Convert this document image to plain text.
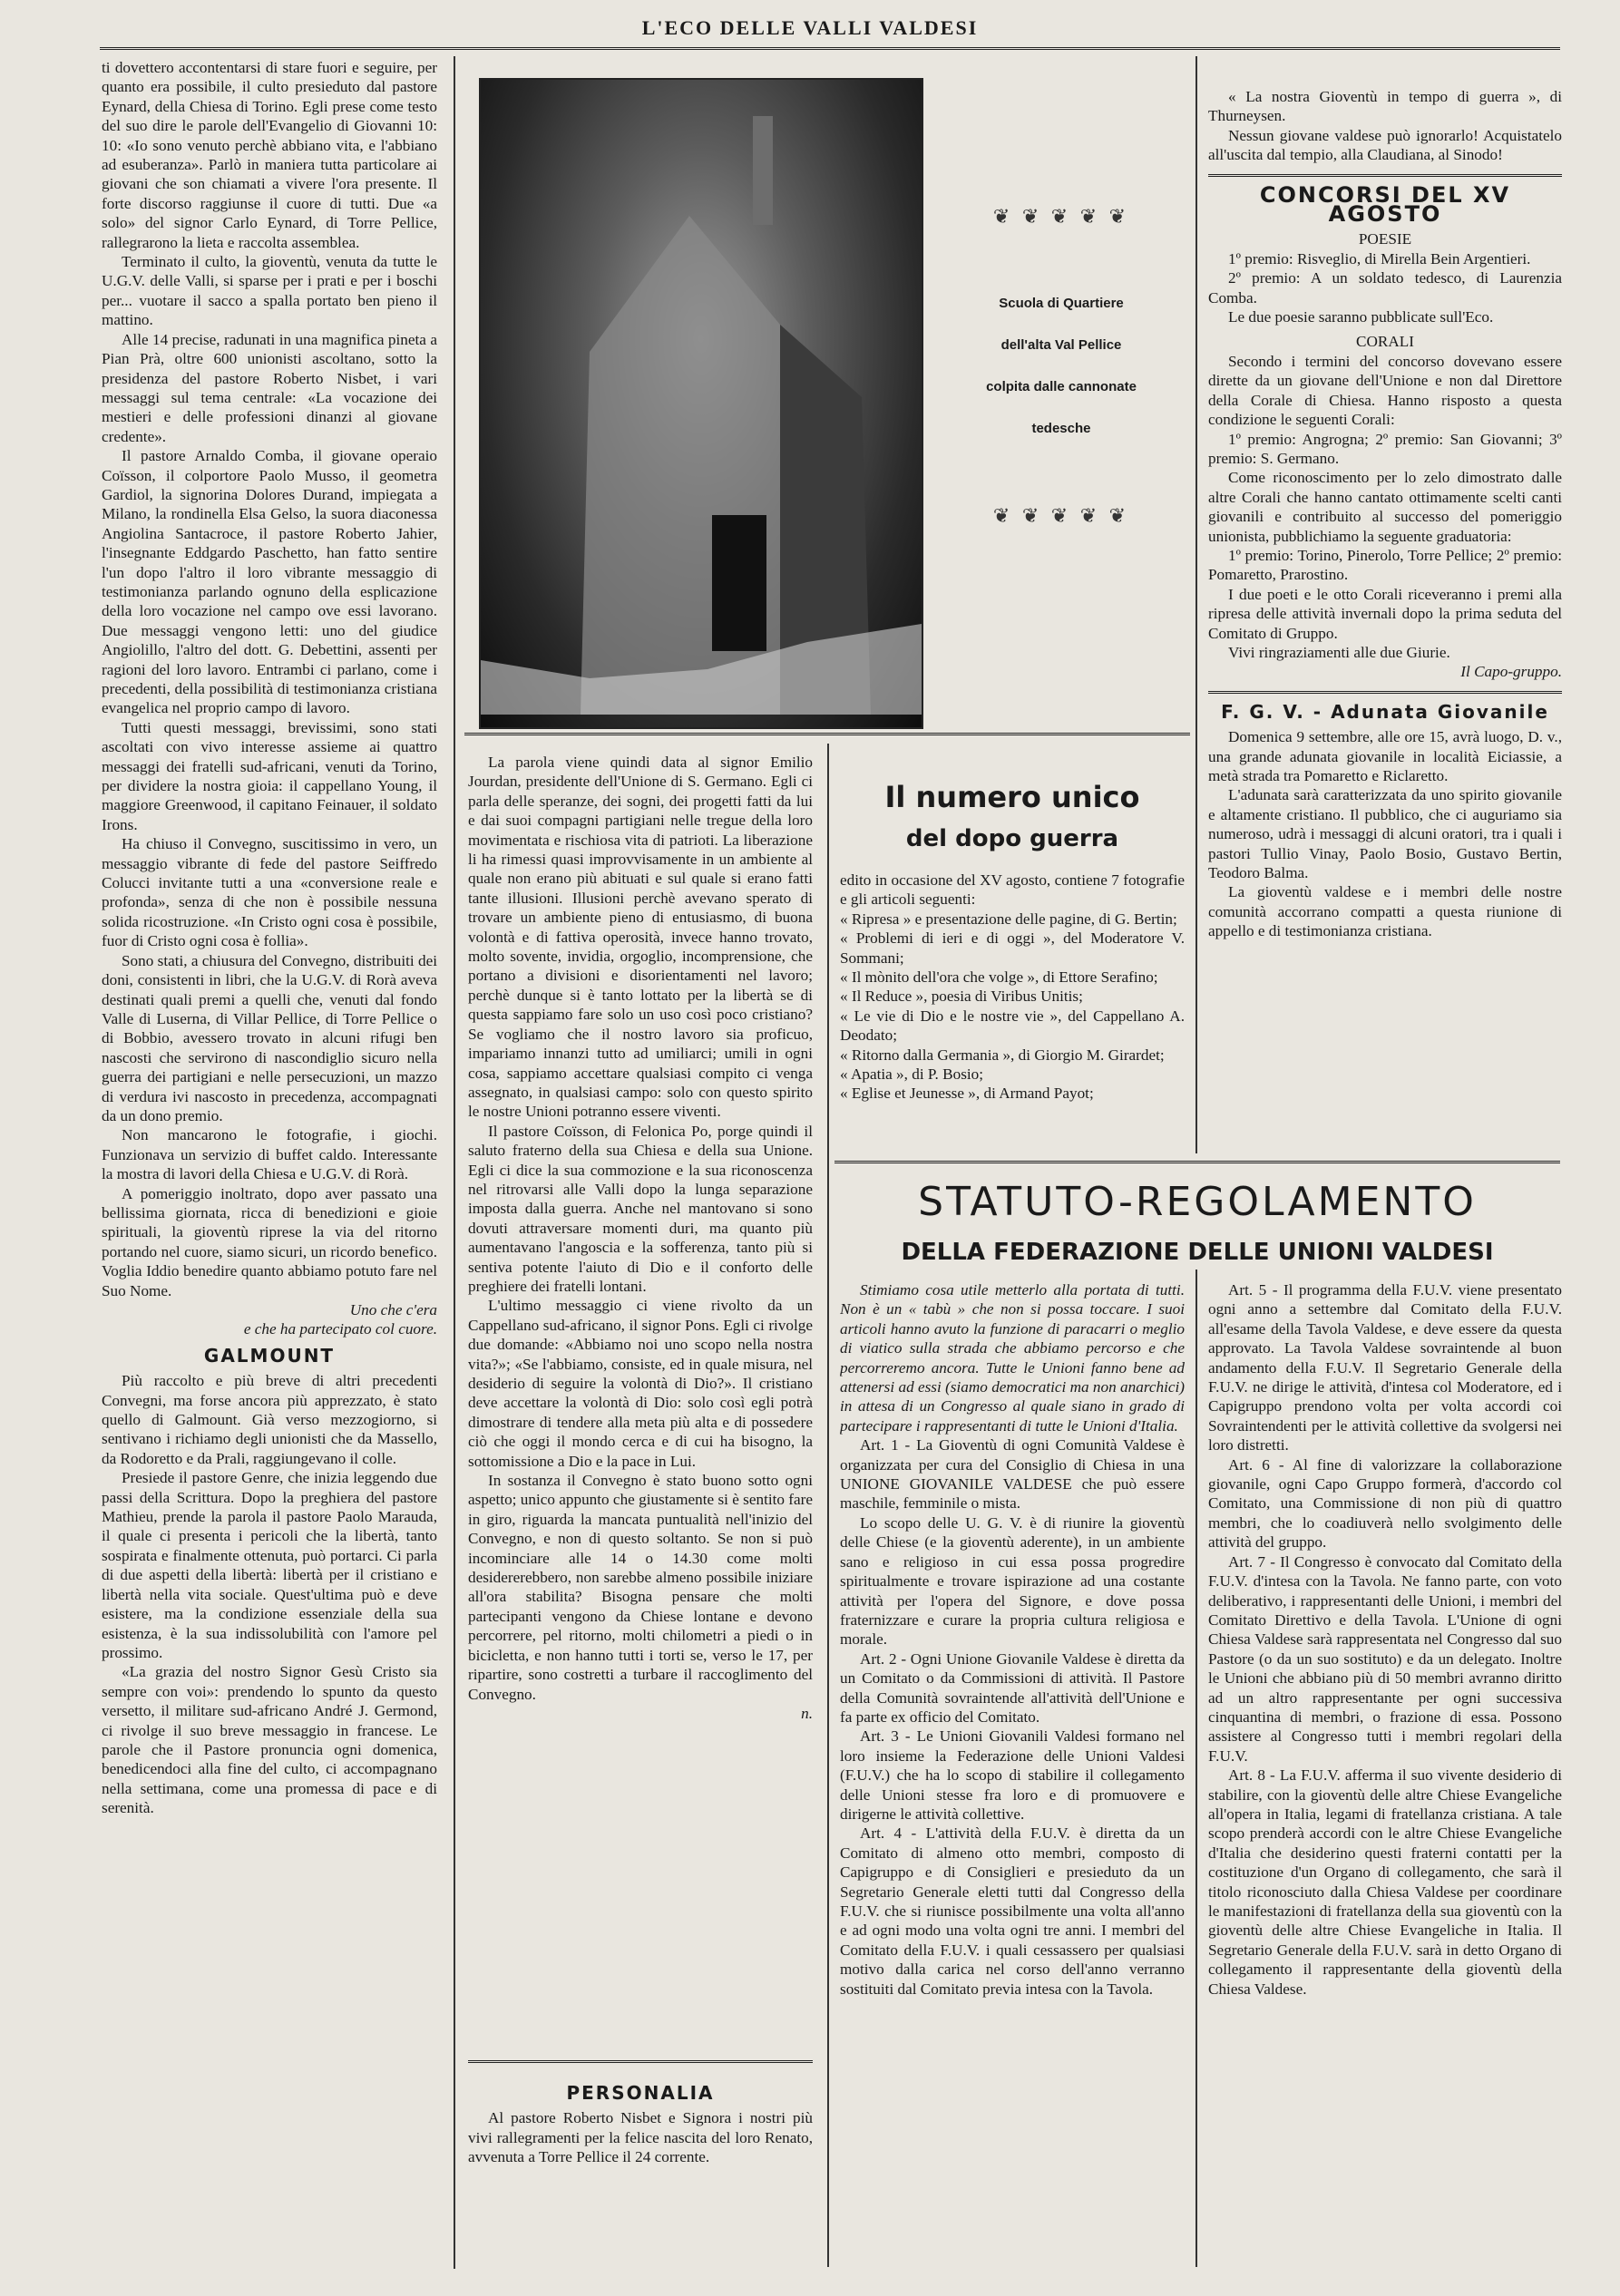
L'ECO DELLE VALLI VALDESI

ti dovettero accontentarsi di stare fuori e seguire, per quanto era possibile, il culto presieduto dal pastore Eynard, della Chiesa di Torino. Egli prese come testo del suo dire le parole dell'Evangelio di Giovanni 10: 10: «Io sono venuto perchè abbiano vita, e l'abbiano ad esuberanza». Parlò in maniera tutta particolare ai giovani che son chiamati a vivere l'ora presente. Il forte discorso raggiunse il cuore di tutti. Due «a solo» del signor Carlo Eynard, di Torre Pellice, rallegrarono la lieta e raccolta assemblea.

Terminato il culto, la gioventù, venuta da tutte le U.G.V. delle Valli, si sparse per i prati e per i boschi per... vuotare il sacco a spalla portato ben pieno il mattino.

Alle 14 precise, radunati in una magnifica pineta a Pian Prà, oltre 600 unionisti ascoltano, sotto la presidenza del pastore Roberto Nisbet, i vari messaggi sul tema centrale: «La vocazione dei mestieri e delle professioni dinanzi al giovane credente».

Il pastore Arnaldo Comba, il giovane operaio Coïsson, il colportore Paolo Musso, il geometra Gardiol, la signorina Dolores Durand, impiegata a Milano, la rondinella Elsa Gelso, la suora diaconessa Angiolina Santacroce, il pastore Roberto Jahier, l'insegnante Eddgardo Paschetto, han fatto sentire l'un dopo l'altro il loro vibrante messaggio di testimonianza parlando ognuno della esplicazione della loro vocazione nel campo ove essi lavorano. Due messaggi vengono letti: uno del giudice Angiolillo, l'altro del dott. G. Debettini, assenti per ragioni del loro lavoro. Entrambi ci parlano, come i precedenti, della possibilità di testimonianza cristiana evangelica nel proprio campo di lavoro.

Tutti questi messaggi, brevissimi, sono stati ascoltati con vivo interesse assieme ai quattro messaggi dei fratelli sud-africani, venuti da Torino, per dividere la nostra gioia: il cappellano Young, il maggiore Greenwood, il capitano Feinauer, il soldato Irons.

Ha chiuso il Convegno, suscitissimo in vero, un messaggio vibrante di fede del pastore Seiffredo Colucci invitante tutti a una «conversione reale e profonda», senza di che non è possibile nessuna solida ricostruzione. «In Cristo ogni cosa è possibile, fuor di Cristo ogni cosa è follia».

Sono stati, a chiusura del Convegno, distribuiti dei doni, consistenti in libri, che la U.G.V. di Rorà aveva destinati quali premi a quelli che, venuti dal fondo Valle di Luserna, di Villar Pellice, di Torre Pellice o di Bobbio, avessero trovato in alcuni rifugi ben nascosti che servirono di nascondiglio sicuro nella guerra dei partigiani e nelle persecuzioni, un mazzo di verdura ivi nascosto in precedenza, accompagnati da un dono premio.

Non mancarono le fotografie, i giochi. Funzionava un servizio di buffet caldo. Interessante la mostra di lavori della Chiesa e U.G.V. di Rorà.

A pomeriggio inoltrato, dopo aver passato una bellissima giornata, ricca di benedizioni e gioie spirituali, la gioventù riprese la via del ritorno portando nel cuore, siamo sicuri, un ricordo benefico. Voglia Iddio benedire quanto abbiamo potuto fare nel Suo Nome.

Uno che c'era
e che ha partecipato col cuore.
GALMOUNT

Più raccolto e più breve di altri precedenti Convegni, ma forse ancora più apprezzato, è stato quello di Galmount. Già verso mezzogiorno, si sentivano i richiamo degli unionisti che da Massello, da Rodoretto e da Prali, raggiungevano il colle.

Presiede il pastore Genre, che inizia leggendo due passi della Scrittura. Dopo la preghiera del pastore Mathieu, prende la parola il pastore Paolo Marauda, il quale ci presenta i pericoli che la libertà, tanto sospirata e finalmente ottenuta, può portarci. Ci parla di due aspetti della libertà: libertà per il cristiano e libertà nella vita sociale. Quest'ultima può e deve esistere, ma la condizione essenziale della sua esistenza, è la sua indissolubilità con l'amore pel prossimo.

«La grazia del nostro Signor Gesù Cristo sia sempre con voi»: prendendo lo spunto da questo versetto, il militare sud-africano André J. Germond, ci rivolge il suo breve messaggio in francese. Le parole che il Pastore pronuncia ogni domenica, benedicendoci alla fine del culto, ci accompagnano nella settimana, come una promessa di pace e di serenità.

❦ ❦ ❦ ❦ ❦
Scuola di Quartiere
dell'alta Val Pellice
colpita dalle cannonate
tedesche
❦ ❦ ❦ ❦ ❦

La parola viene quindi data al signor Emilio Jourdan, presidente dell'Unione di S. Germano. Egli ci parla delle speranze, dei sogni, dei progetti fatti da lui e dai suoi compagni partigiani nelle tregue della loro movimentata e rischiosa vita di patrioti. La liberazione li ha rimessi quasi improvvisamente in un ambiente al quale non erano più abituati e sul quale si erano fatti tante illusioni. Illusioni perchè avevano sperato di trovare un ambiente pieno di entusiasmo, di buona volontà e di fattiva operosità, invece hanno trovato, molto sovente, invidia, orgoglio, incomprensione, che portano a divisioni e disorientamenti nel lavoro; perchè dunque si è tanto lottato per la libertà se di questa sappiamo fare solo un uso così poco cristiano? Se vogliamo che il nostro lavoro sia proficuo, impariamo innanzi tutto ad umiliarci; umili in ogni cosa, sappiamo accettare qualsiasi compito ci venga assegnato, in qualsiasi campo: solo con questo spirito le nostre Unioni potranno essere viventi.

Il pastore Coïsson, di Felonica Po, porge quindi il saluto fraterno della sua Chiesa e della sua Unione. Egli ci dice la sua commozione e la sua riconoscenza nel ritrovarsi alle Valli dopo la lunga separazione imposta dalla guerra. Anche nel mantovano si sono dovuti attraversare momenti duri, ma quanto più aumentavano l'angoscia e la sofferenza, tanto più si sentiva potente l'aiuto di Dio e il conforto delle preghiere dei fratelli lontani.

L'ultimo messaggio ci viene rivolto da un Cappellano sud-africano, il signor Pons. Egli ci rivolge due domande: «Abbiamo noi uno scopo nella nostra vita?»; «Se l'abbiamo, consiste, ed in quale misura, nel desiderio di seguire la volontà di Dio?». Il cristiano deve accettare la volontà di Dio: solo così egli potrà dimostrare di tendere alla meta più alta e di possedere ciò che oggi il mondo cerca e di cui ha bisogno, la sottomissione a Dio e la pace in Lui.

In sostanza il Convegno è stato buono sotto ogni aspetto; unico appunto che giustamente si è sentito fare in giro, riguarda la mancata puntualità nell'inizio del Convegno, e non di questo soltanto. Se non si può incominciare alle 14 o 14.30 come molti desidererebbero, non sarebbe almeno possibile iniziare all'ora stabilita? Bisogna pensare che molti partecipanti vengono da Chiese lontane e devono percorrere, pel ritorno, molti chilometri a piedi o in bicicletta, e non hanno tutti i torti se, verso le 17, per ripartire, sono costretti a turbare il raccoglimento del Convegno.

n.
PERSONALIA

Al pastore Roberto Nisbet e Signora i nostri più vivi rallegramenti per la felice nascita del loro Renato, avvenuta a Torre Pellice il 24 corrente.

Il numero unico
del dopo guerra

edito in occasione del XV agosto, contiene 7 fotografie e gli articoli seguenti:

« Ripresa » e presentazione delle pagine, di G. Bertin;
« Problemi di ieri e di oggi », del Moderatore V. Sommani;
« Il mònito dell'ora che volge », di Ettore Serafino;
« Il Reduce », poesia di Viribus Unitis;
« Le vie di Dio e le nostre vie », del Cappellano A. Deodato;
« Ritorno dalla Germania », di Giorgio M. Girardet;
« Apatia », di P. Bosio;
« Eglise et Jeunesse », di Armand Payot;

« La nostra Gioventù in tempo di guerra », di Thurneysen.

Nessun giovane valdese può ignorarlo! Acquistatelo all'uscita dal tempio, alla Claudiana, al Sinodo!

CONCORSI DEL XV AGOSTO
POESIE

1º premio: Risveglio, di Mirella Bein Argentieri.

2º premio: A un soldato tedesco, di Laurenzia Comba.

Le due poesie saranno pubblicate sull'Eco.

CORALI

Secondo i termini del concorso dovevano essere dirette da un giovane dell'Unione e non dal Direttore della Corale di Chiesa. Hanno risposto a questa condizione le seguenti Corali:

1º premio: Angrogna; 2º premio: San Giovanni; 3º premio: S. Germano.

Come riconoscimento per lo zelo dimostrato dalle altre Corali che hanno cantato ottimamente scelti canti giovanili e contribuito al successo del pomeriggio unionista, pubblichiamo la seguente graduatoria:

1º premio: Torino, Pinerolo, Torre Pellice; 2º premio: Pomaretto, Prarostino.

I due poeti e le otto Corali riceveranno i premi alla ripresa delle attività invernali dopo la prima seduta del Comitato di Gruppo.

Vivi ringraziamenti alle due Giurie.

Il Capo-gruppo.
F. G. V. - Adunata Giovanile

Domenica 9 settembre, alle ore 15, avrà luogo, D. v., una grande adunata giovanile in località Eiciassie, a metà strada tra Pomaretto e Riclaretto.

L'adunata sarà caratterizzata da uno spirito giovanile e altamente cristiano. Il pubblico, che ci auguriamo sia numeroso, udrà i messaggi di alcuni oratori, tra i quali i pastori Tullio Vinay, Paolo Bosio, Gustavo Bertin, Teodoro Balma.

La gioventù valdese e i membri delle nostre comunità accorrano compatti a questa riunione di appello e di testimonianza cristiana.

STATUTO-REGOLAMENTO
DELLA FEDERAZIONE DELLE UNIONI VALDESI

Stimiamo cosa utile metterlo alla portata di tutti. Non è un « tabù » che non si possa toccare. I suoi articoli hanno avuto la funzione di paracarri o meglio di viatico sulla strada che abbiamo percorso e che percorreremo ancora. Tutte le Unioni fanno bene ad attenersi ad essi (siamo democratici ma non anarchici) in attesa di un Congresso al quale siano in grado di partecipare i rappresentanti di tutte le Unioni d'Italia.

Art. 1 - La Gioventù di ogni Comunità Valdese è organizzata per cura del Consiglio di Chiesa in una UNIONE GIOVANILE VALDESE che può essere maschile, femminile o mista.

Lo scopo delle U. G. V. è di riunire la gioventù delle Chiese (e la gioventù aderente), in un ambiente sano e religioso in cui essa possa progredire spiritualmente e trovare ispirazione ad una costante attività per l'opera del Signore, e dove possa fraternizzare e curare la propria cultura religiosa e morale.

Art. 2 - Ogni Unione Giovanile Valdese è diretta da un Comitato o da Commissioni di attività. Il Pastore della Comunità sovraintende all'attività dell'Unione e fa parte ex officio del Comitato.

Art. 3 - Le Unioni Giovanili Valdesi formano nel loro insieme la Federazione delle Unioni Valdesi (F.U.V.) che ha lo scopo di stabilire il collegamento delle Unioni stesse fra loro e di promuovere e dirigerne le attività collettive.

Art. 4 - L'attività della F.U.V. è diretta da un Comitato di almeno otto membri, composto di Capigruppo e di Consiglieri e presieduto da un Segretario Generale eletti tutti dal Congresso della F.U.V. che si riunisce possibilmente una volta all'anno e ad ogni modo una volta ogni tre anni. I membri del Comitato della F.U.V. i quali cessassero per qualsiasi motivo dalla carica nel corso dell'anno verranno sostituiti dal Comitato previa intesa con la Tavola.

Art. 5 - Il programma della F.U.V. viene presentato ogni anno a settembre dal Comitato della F.U.V. all'esame della Tavola Valdese, e deve essere da questa approvato. La Tavola Valdese sovraintende al buon andamento della F.U.V. Il Segretario Generale della F.U.V. ne dirige le attività, d'intesa col Moderatore, ed i Capigruppo prendono volta per volta accordi coi Sovraintendenti per le attività collettive da svolgersi nei loro distretti.

Art. 6 - Al fine di valorizzare la collaborazione giovanile, ogni Capo Gruppo formerà, d'accordo col Comitato, una Commissione di non più di quattro membri, che lo coadiuverà nello svolgimento delle attività del gruppo.

Art. 7 - Il Congresso è convocato dal Comitato della F.U.V. d'intesa con la Tavola. Ne fanno parte, con voto deliberativo, i rappresentanti delle Unioni, i membri del Comitato Direttivo e della Tavola. L'Unione di ogni Chiesa Valdese sarà rappresentata nel Congresso dal suo Pastore (o da un suo sostituto) e da un delegato. Inoltre le Unioni che abbiano più di 50 membri avranno diritto ad un altro rappresentante per ogni successiva cinquantina di membri, o frazione di essa. Possono assistere al Congresso tutti i membri regolari della F.U.V.

Art. 8 - La F.U.V. afferma il suo vivente desiderio di stabilire, con la gioventù delle altre Chiese Evangeliche all'opera in Italia, legami di fratellanza cristiana. A tale scopo prenderà accordi con le altre Chiese Evangeliche d'Italia che desiderino questi fraterni contatti per la costituzione d'un Organo di collegamento, che sarà il titolo riconosciuto dalla Chiesa Valdese per coordinare le manifestazioni di fratellanza della sua gioventù con la gioventù delle altre Chiese Evangeliche in Italia. Il Segretario Generale della F.U.V. sarà in detto Organo di collegamento il rappresentante della gioventù della Chiesa Valdese.
